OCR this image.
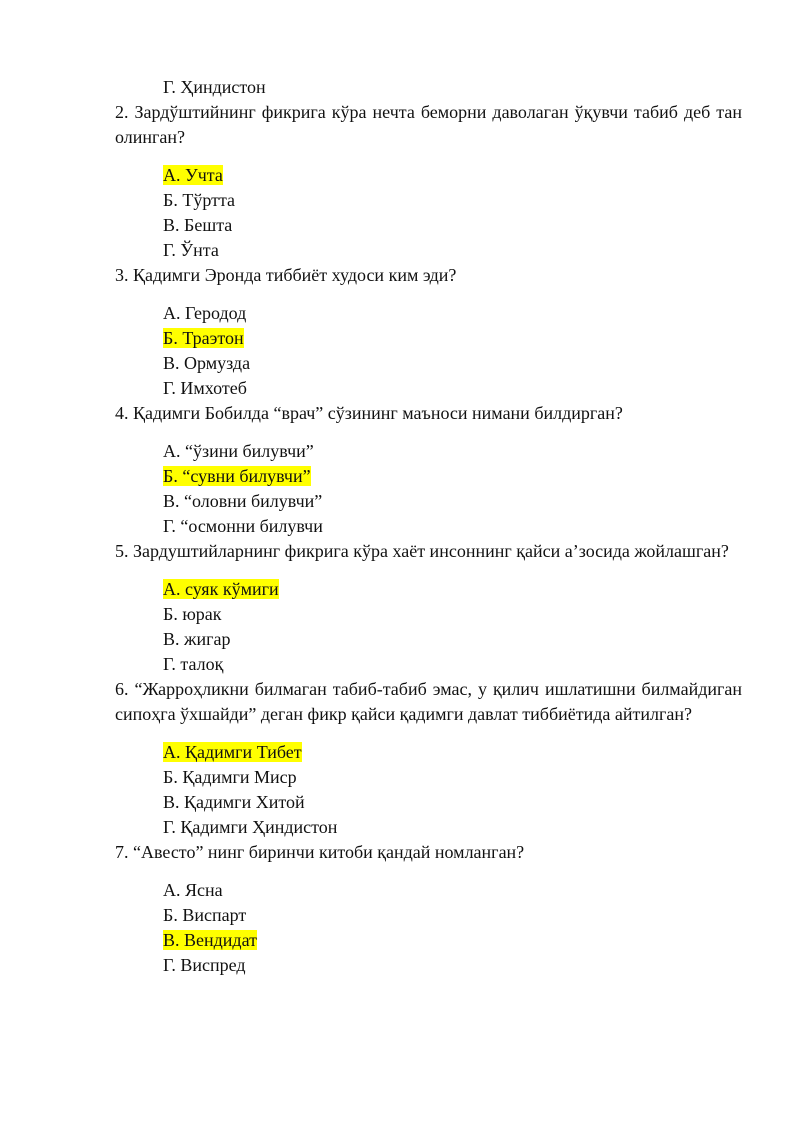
Г. Ҳиндистон

2. Зардўштийнинг фикрига кўра нечта беморни даволаган ўқувчи табиб деб тан олинган?

А. Учта
Б. Тўртта
В. Бешта
Г. Ўнта

3. Қадимги Эронда тиббиёт худоси ким эди?

А. Геродод
Б. Траэтон
В. Ормузда
Г. Имхотеб

4. Қадимги Бобилда “врач” сўзининг маъноси нимани билдирган?

А. “ўзини билувчи”
Б. “сувни билувчи”
В. “оловни билувчи”
Г. “осмонни билувчи

5. Зардуштийларнинг фикрига кўра хаёт инсоннинг қайси а’зосида жойлашган?

А. суяк кўмиги
Б. юрак
В. жигар
Г. талоқ

6. “Жарроҳликни билмаган табиб-табиб эмас, у қилич ишлатишни билмайдиган сипоҳга ўхшайди” деган фикр қайси қадимги давлат тиббиётида айтилган?

А. Қадимги Тибет
Б. Қадимги Миср
В. Қадимги Хитой
Г. Қадимги Ҳиндистон

7. “Авесто” нинг биринчи китоби қандай номланган?

А. Ясна
Б. Виспарт
В. Вендидат
Г. Виспред
